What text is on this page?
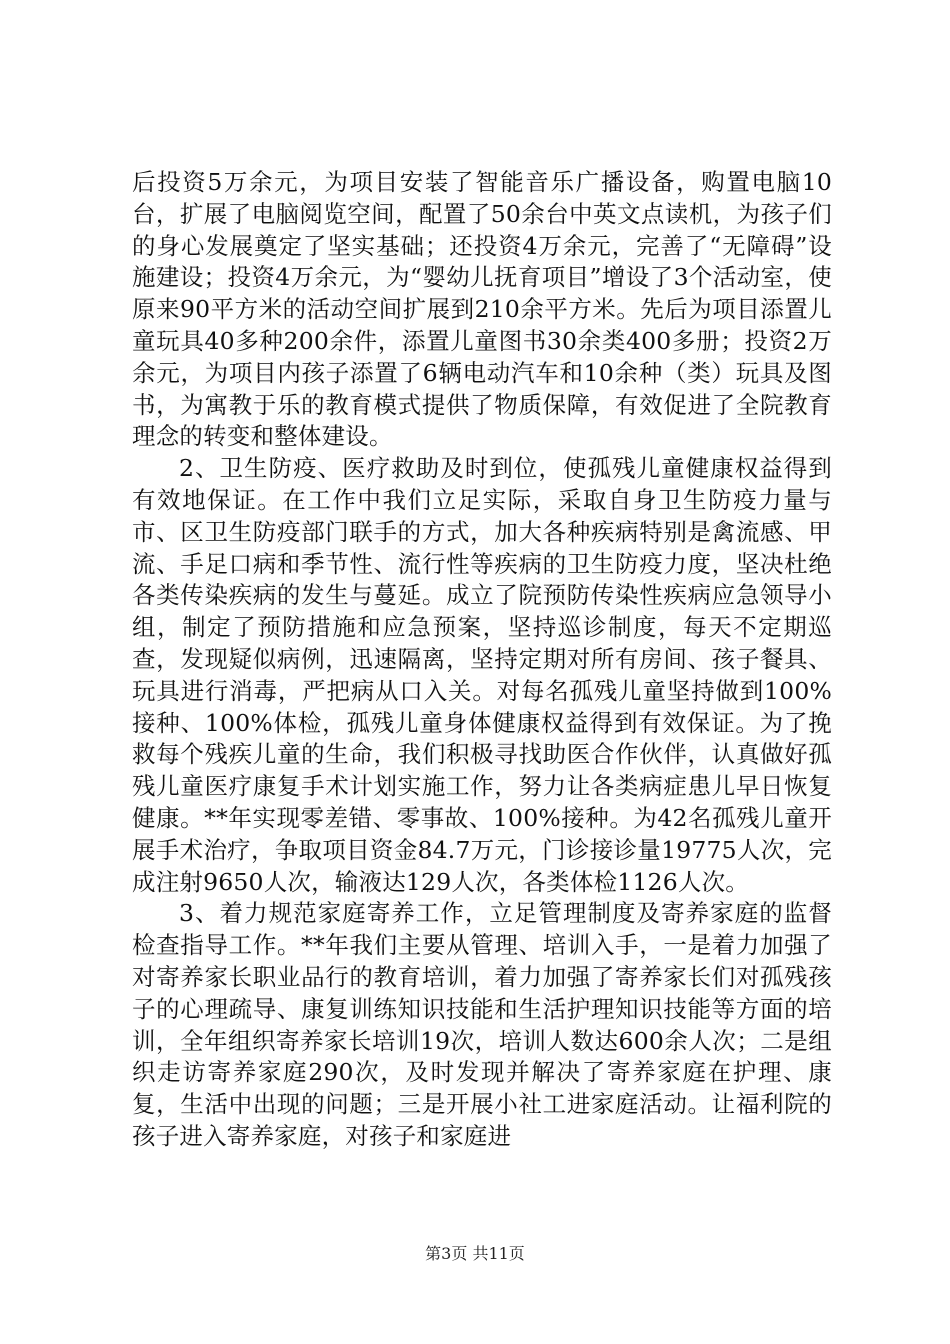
后投资5万余元，为项目安装了智能音乐广播设备，购置电脑10台，扩展了电脑阅览空间，配置了50余台中英文点读机，为孩子们的身心发展奠定了坚实基础；还投资4万余元，完善了“无障碍”设施建设；投资4万余元，为“婴幼儿抚育项目”增设了3个活动室，使原来90平方米的活动空间扩展到210余平方米。先后为项目添置儿童玩具40多种200余件，添置儿童图书30余类400多册；投资2万余元，为项目内孩子添置了6辆电动汽车和10余种（类）玩具及图书，为寓教于乐的教育模式提供了物质保障，有效促进了全院教育理念的转变和整体建设。

2、卫生防疫、医疗救助及时到位，使孤残儿童健康权益得到有效地保证。在工作中我们立足实际，采取自身卫生防疫力量与市、区卫生防疫部门联手的方式，加大各种疾病特别是禽流感、甲流、手足口病和季节性、流行性等疾病的卫生防疫力度，坚决杜绝各类传染疾病的发生与蔓延。成立了院预防传染性疾病应急领导小组，制定了预防措施和应急预案，坚持巡诊制度，每天不定期巡查，发现疑似病例，迅速隔离，坚持定期对所有房间、孩子餐具、玩具进行消毒，严把病从口入关。对每名孤残儿童坚持做到100%接种、100%体检，孤残儿童身体健康权益得到有效保证。为了挽救每个残疾儿童的生命，我们积极寻找助医合作伙伴，认真做好孤残儿童医疗康复手术计划实施工作，努力让各类病症患儿早日恢复健康。**年实现零差错、零事故、100%接种。为42名孤残儿童开展手术治疗，争取项目资金84.7万元，门诊接诊量19775人次，完成注射9650人次，输液达129人次，各类体检1126人次。

3、着力规范家庭寄养工作，立足管理制度及寄养家庭的监督检查指导工作。**年我们主要从管理、培训入手，一是着力加强了对寄养家长职业品行的教育培训，着力加强了寄养家长们对孤残孩子的心理疏导、康复训练知识技能和生活护理知识技能等方面的培训，全年组织寄养家长培训19次，培训人数达600余人次；二是组织走访寄养家庭290次，及时发现并解决了寄养家庭在护理、康复，生活中出现的问题；三是开展小社工进家庭活动。让福利院的孩子进入寄养家庭，对孩子和家庭进

第3页 共11页
